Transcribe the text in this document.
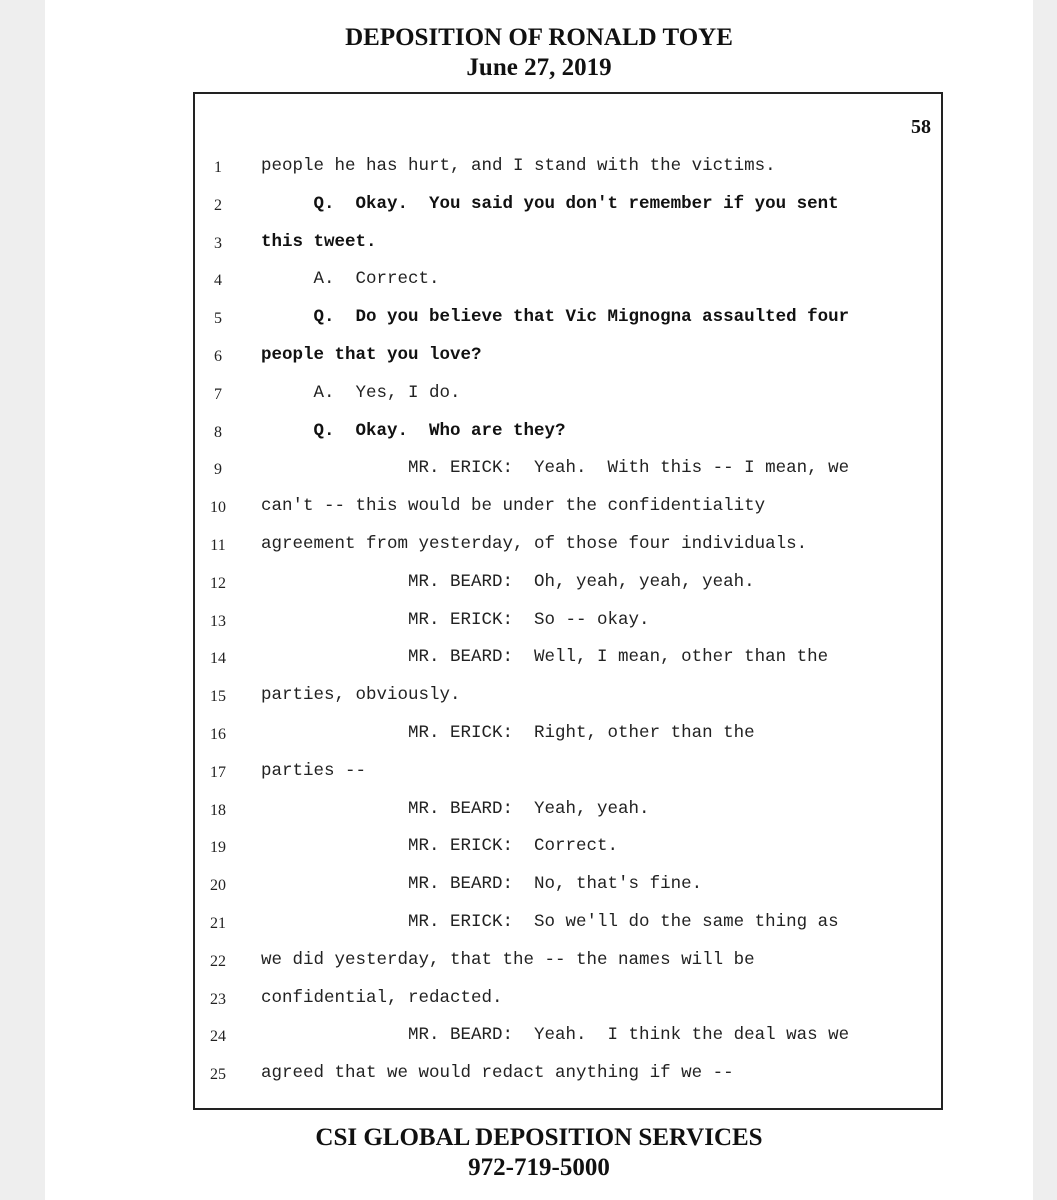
DEPOSITION OF RONALD TOYE
June 27, 2019
58
1	people he has hurt, and I stand with the victims.
2	Q.  Okay.  You said you don't remember if you sent
3	this tweet.
4	A.  Correct.
5	Q.  Do you believe that Vic Mignogna assaulted four
6	people that you love?
7	A.  Yes, I do.
8	Q.  Okay.  Who are they?
9	MR. ERICK:  Yeah.  With this -- I mean, we
10	can't -- this would be under the confidentiality
11	agreement from yesterday, of those four individuals.
12	MR. BEARD:  Oh, yeah, yeah, yeah.
13	MR. ERICK:  So -- okay.
14	MR. BEARD:  Well, I mean, other than the
15	parties, obviously.
16	MR. ERICK:  Right, other than the
17	parties --
18	MR. BEARD:  Yeah, yeah.
19	MR. ERICK:  Correct.
20	MR. BEARD:  No, that's fine.
21	MR. ERICK:  So we'll do the same thing as
22	we did yesterday, that the -- the names will be
23	confidential, redacted.
24	MR. BEARD:  Yeah.  I think the deal was we
25	agreed that we would redact anything if we --
CSI GLOBAL DEPOSITION SERVICES
972-719-5000
